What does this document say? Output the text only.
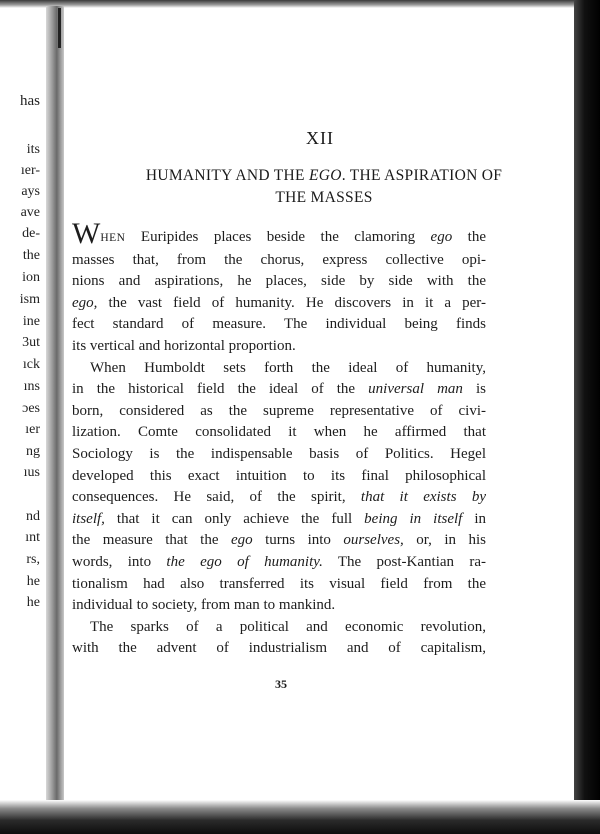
has
its
ıer-
ays
ave
de-
the
ion
ism
ine
3ut
ıck
ıns
ɔes
ıer
ng
ıus
nd
ınt
rs,
he
he
XII
HUMANITY AND THE EGO. THE ASPIRATION OF
THE MASSES
WHEN Euripides places beside the clamoring ego the
masses that, from the chorus, express collective opi-
nions and aspirations, he places, side by side with the
ego, the vast field of humanity. He discovers in it a per-
fect standard of measure. The individual being finds
its vertical and horizontal proportion.
When Humboldt sets forth the ideal of humanity,
in the historical field the ideal of the universal man is
born, considered as the supreme representative of civi-
lization. Comte consolidated it when he affirmed that
Sociology is the indispensable basis of Politics. Hegel
developed this exact intuition to its final philosophical
consequences. He said, of the spirit, that it exists by
itself, that it can only achieve the full being in itself in
the measure that the ego turns into ourselves, or, in his
words, into the ego of humanity. The post-Kantian ra-
tionalism had also transferred its visual field from the
individual to society, from man to mankind.
The sparks of a political and economic revolution,
with the advent of industrialism and of capitalism,
35
